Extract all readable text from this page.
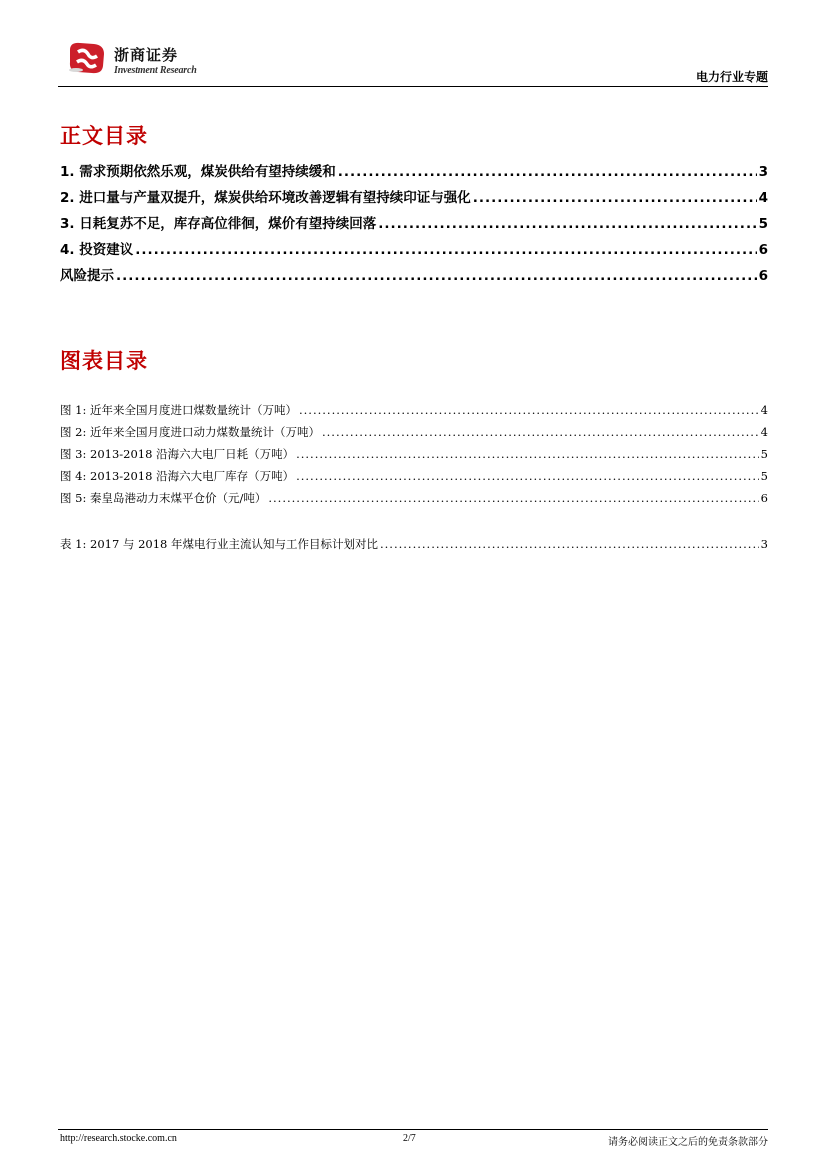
浙商证券
Investment Research	电力行业专题
正文目录
1. 需求预期依然乐观，煤炭供给有望持续缓和 .....	3
2. 进口量与产量双提升，煤炭供给环境改善逻辑有望持续印证与强化 .....	4
3. 日耗复苏不足，库存高位徘徊，煤价有望持续回落 .....	5
4. 投资建议 .....	6
风险提示 .....	6
图表目录
图 1: 近年来全国月度进口煤数量统计（万吨） .....	4
图 2: 近年来全国月度进口动力煤数量统计（万吨） .....	4
图 3: 2013-2018 沿海六大电厂日耗（万吨） .....	5
图 4: 2013-2018 沿海六大电厂库存（万吨） .....	5
图 5: 秦皇岛港动力末煤平仓价（元/吨） .....	6
表 1: 2017 与 2018 年煤电行业主流认知与工作目标计划对比 .....	3
http://research.stocke.com.cn	2/7	请务必阅读正文之后的免责条款部分
